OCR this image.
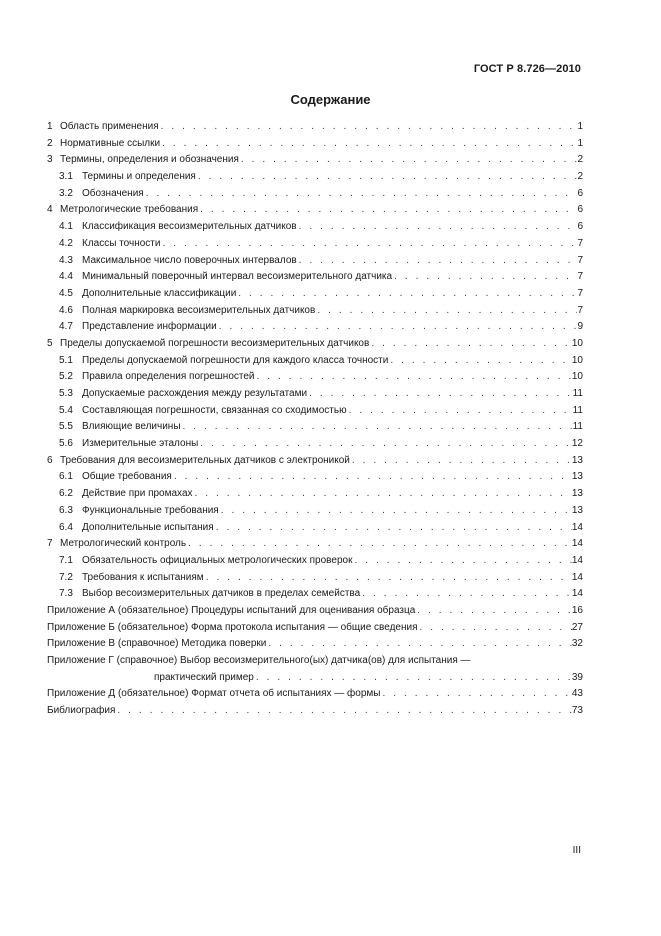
ГОСТ Р 8.726—2010
Содержание
1 Область применения . . .	1
2 Нормативные ссылки . . .	1
3 Термины, определения и обозначения . . .	2
3.1 Термины и определения . . .	2
3.2 Обозначения . . .	6
4 Метрологические требования . . .	6
4.1 Классификация весоизмерительных датчиков . . .	6
4.2 Классы точности . . .	7
4.3 Максимальное число поверочных интервалов . . .	7
4.4 Минимальный поверочный интервал весоизмерительного датчика . . .	7
4.5 Дополнительные классификации . . .	7
4.6 Полная маркировка весоизмерительных датчиков . . .	7
4.7 Представление информации . . .	9
5 Пределы допускаемой погрешности весоизмерительных датчиков . . .	10
5.1 Пределы допускаемой погрешности для каждого класса точности . . .	10
5.2 Правила определения погрешностей . . .	10
5.3 Допускаемые расхождения между результатами . . .	11
5.4 Составляющая погрешности, связанная со сходимостью . . .	11
5.5 Влияющие величины . . .	11
5.6 Измерительные эталоны . . .	12
6 Требования для весоизмерительных датчиков с электроникой . . .	13
6.1 Общие требования . . .	13
6.2 Действие при промахах . . .	13
6.3 Функциональные требования . . .	13
6.4 Дополнительные испытания . . .	14
7 Метрологический контроль . . .	14
7.1 Обязательность официальных метрологических проверок . . .	14
7.2 Требования к испытаниям . . .	14
7.3 Выбор весоизмерительных датчиков в пределах семейства . . .	14
Приложение А (обязательное) Процедуры испытаний для оценивания образца . . .	16
Приложение Б (обязательное) Форма протокола испытания — общие сведения . . .	27
Приложение В (справочное) Методика поверки . . .	32
Приложение Г (справочное) Выбор весоизмерительного(ых) датчика(ов) для испытания —
практический пример . . .	39
Приложение Д (обязательное) Формат отчета об испытаниях — формы . . .	43
Библиография . . .	73
III
